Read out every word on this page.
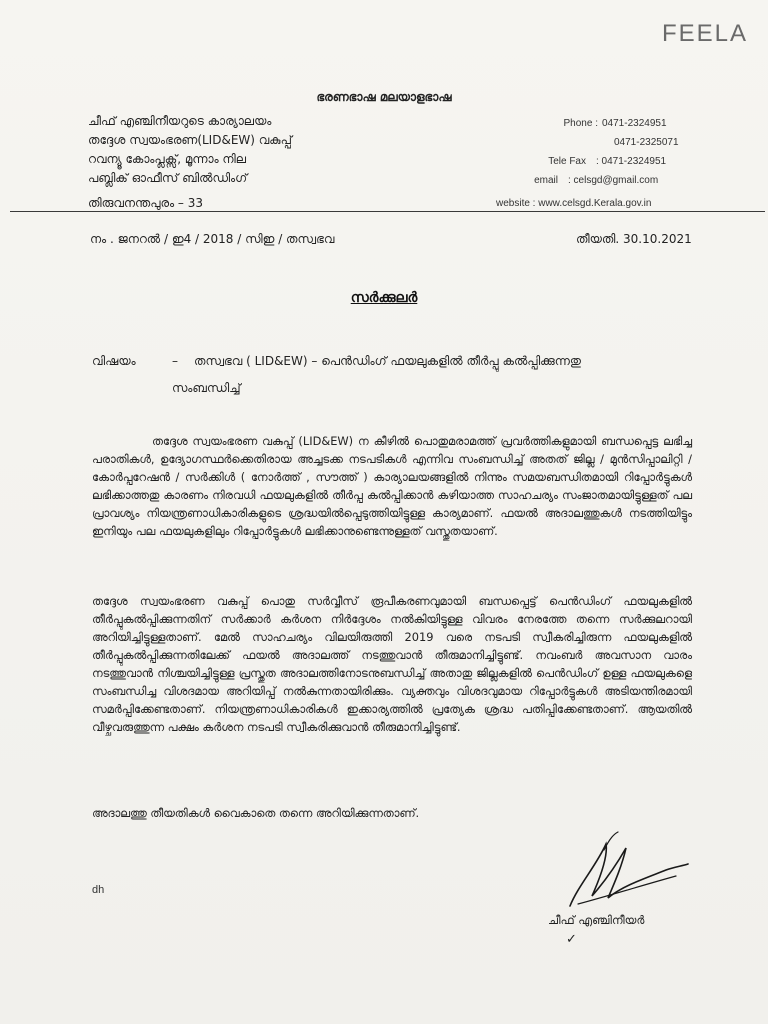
FEELA
ഭരണഭാഷ മലയാളഭാഷ
ചീഫ് എഞ്ചിനീയറുടെ കാര്യാലയം
തദ്ദേശ സ്വയംഭരണ(LID&EW) വകുപ്പ്
റവന്യൂ കോംപ്ലക്സ്, മൂന്നാം നില
പബ്ലിക് ഓഫീസ് ബിൽഡിംഗ്
തിരുവനന്തപുരം – 33
Phone : 0471-2324951
0471-2325071
Tele Fax	: 0471-2324951
email	: celsgd@gmail.com
website : www.celsgd.Kerala.gov.in
നം . ജനറൽ / ഇ4 / 2018 / സിഇ / തസ്വഭവ	തീയതി. 30.10.2021
സർക്കുലർ
വിഷയം	– തസ്വഭവ ( LID&EW) – പെൻഡിംഗ് ഫയലുകളിൽ തീർപ്പു കൽപ്പിക്കുന്നതു
സംബന്ധിച്ച്
തദ്ദേശ സ്വയംഭരണ വകുപ്പ് (LID&EW) ന കീഴിൽ പൊതുമരാമത്ത് പ്രവർത്തികളുമായി ബന്ധപ്പെട്ട ലഭിച്ച പരാതികൾ, ഉദ്യോഗസ്ഥർക്കെതിരായ അച്ചടക്ക നടപടികൾ എന്നിവ സംബന്ധിച്ച് അതത് ജില്ല / മുൻസിപ്പാലിറ്റി / കോർപ്പറേഷൻ / സർക്കിൾ ( നോർത്ത് , സൗത്ത് ) കാര്യാലയങ്ങളിൽ നിന്നും സമയബന്ധിതമായി റിപ്പോർട്ടുകൾ ലഭിക്കാത്തതു കാരണം നിരവധി ഫയലുകളിൽ തീർപ്പ കൽപ്പിക്കാൻ കഴിയാത്ത സാഹചര്യം സംജാതമായിട്ടുള്ളത് പല പ്രാവശ്യം നിയന്ത്രണാധികാരികളുടെ ശ്രദ്ധയിൽപ്പെടുത്തിയിട്ടുള്ള കാര്യമാണ്. ഫയൽ അദാലത്തുകൾ നടത്തിയിട്ടും ഇനിയും പല ഫയലുകളിലും റിപ്പോർട്ടുകൾ ലഭിക്കാനുണ്ടെന്നുള്ളത് വസ്തുതയാണ്.
തദ്ദേശ സ്വയംഭരണ വകുപ്പ് പൊതു സർവ്വീസ് രൂപീകരണവുമായി ബന്ധപ്പെട്ട് പെൻഡിംഗ് ഫയലുകളിൽ തീർപ്പുകൽപ്പിക്കുന്നതിന് സർക്കാർ കർശന നിർദ്ദേശം നൽകിയിട്ടുള്ള വിവരം നേരത്തേ തന്നെ സർക്കുലറായി അറിയിച്ചിട്ടുള്ളതാണ്. മേൽ സാഹചര്യം വിലയിരുത്തി 2019 വരെ നടപടി സ്വീകരിച്ചിരുന്ന ഫയലുകളിൽ തീർപ്പുകൽപ്പിക്കുന്നതിലേക്ക് ഫയൽ അദാലത്ത് നടത്തുവാൻ തീരുമാനിച്ചിട്ടുണ്ട്. നവംബർ അവസാന വാരം നടത്തുവാൻ നിശ്ചയിച്ചിട്ടുള്ള പ്രസ്തുത അദാലത്തിനോടനുബന്ധിച്ച് അതാതു ജില്ലകളിൽ പെൻഡിംഗ് ഉള്ള ഫയലുകളെ സംബന്ധിച്ച വിശദമായ അറിയിപ്പ് നൽകുന്നതായിരിക്കും. വ്യക്തവും വിശദവുമായ റിപ്പോർട്ടുകൾ അടിയന്തിരമായി സമർപ്പിക്കേണ്ടതാണ്. നിയന്ത്രണാധികാരികൾ ഇക്കാര്യത്തിൽ പ്രത്യേക ശ്രദ്ധ പതിപ്പിക്കേണ്ടതാണ്. ആയതിൽ വീഴ്ചവരുത്തുന്ന പക്ഷം കർശന നടപടി സ്വീകരിക്കുവാൻ തീരുമാനിച്ചിട്ടുണ്ട്.
അദാലത്തു തീയതികൾ വൈകാതെ തന്നെ അറിയിക്കുന്നതാണ്.
dh
ചീഫ് എഞ്ചിനീയർ
✓
